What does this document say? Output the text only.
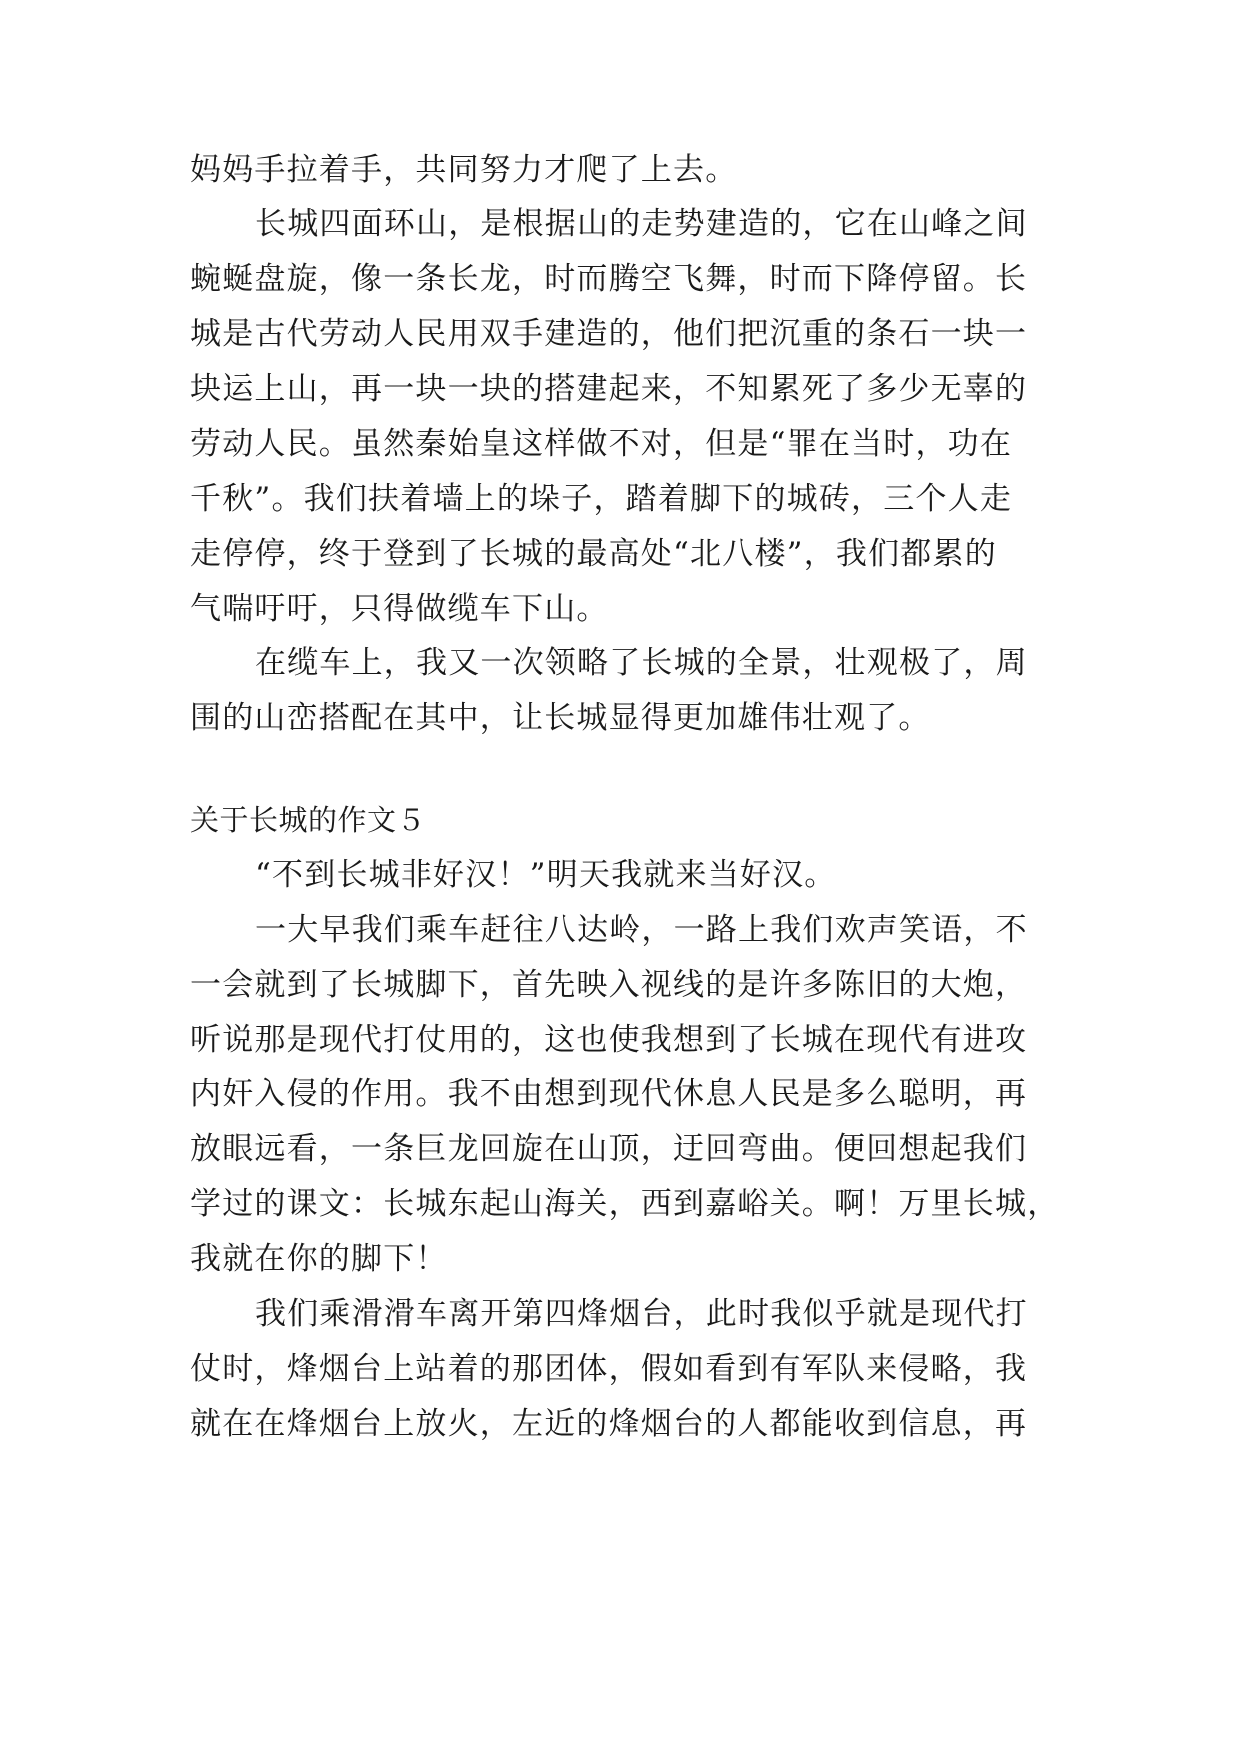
妈妈手拉着手，共同努力才爬了上去。
长城四面环山，是根据山的走势建造的，它在山峰之间
蜿蜒盘旋，像一条长龙，时而腾空飞舞，时而下降停留。长
城是古代劳动人民用双手建造的，他们把沉重的条石一块一
块运上山，再一块一块的搭建起来，不知累死了多少无辜的
劳动人民。虽然秦始皇这样做不对，但是“罪在当时，功在
千秋”。我们扶着墙上的垛子，踏着脚下的城砖，三个人走
走停停，终于登到了长城的最高处“北八楼”，我们都累的
气喘吁吁，只得做缆车下山。
在缆车上，我又一次领略了长城的全景，壮观极了，周
围的山峦搭配在其中，让长城显得更加雄伟壮观了。
关于长城的作文５
“不到长城非好汉！”明天我就来当好汉。
一大早我们乘车赶往八达岭，一路上我们欢声笑语，不
一会就到了长城脚下，首先映入视线的是许多陈旧的大炮，
听说那是现代打仗用的，这也使我想到了长城在现代有进攻
内奸入侵的作用。我不由想到现代休息人民是多么聪明，再
放眼远看，一条巨龙回旋在山顶，迂回弯曲。便回想起我们
学过的课文：长城东起山海关，西到嘉峪关。啊！万里长城，
我就在你的脚下！
我们乘滑滑车离开第四烽烟台，此时我似乎就是现代打
仗时，烽烟台上站着的那团体，假如看到有军队来侵略，我
就在在烽烟台上放火，左近的烽烟台的人都能收到信息，再
